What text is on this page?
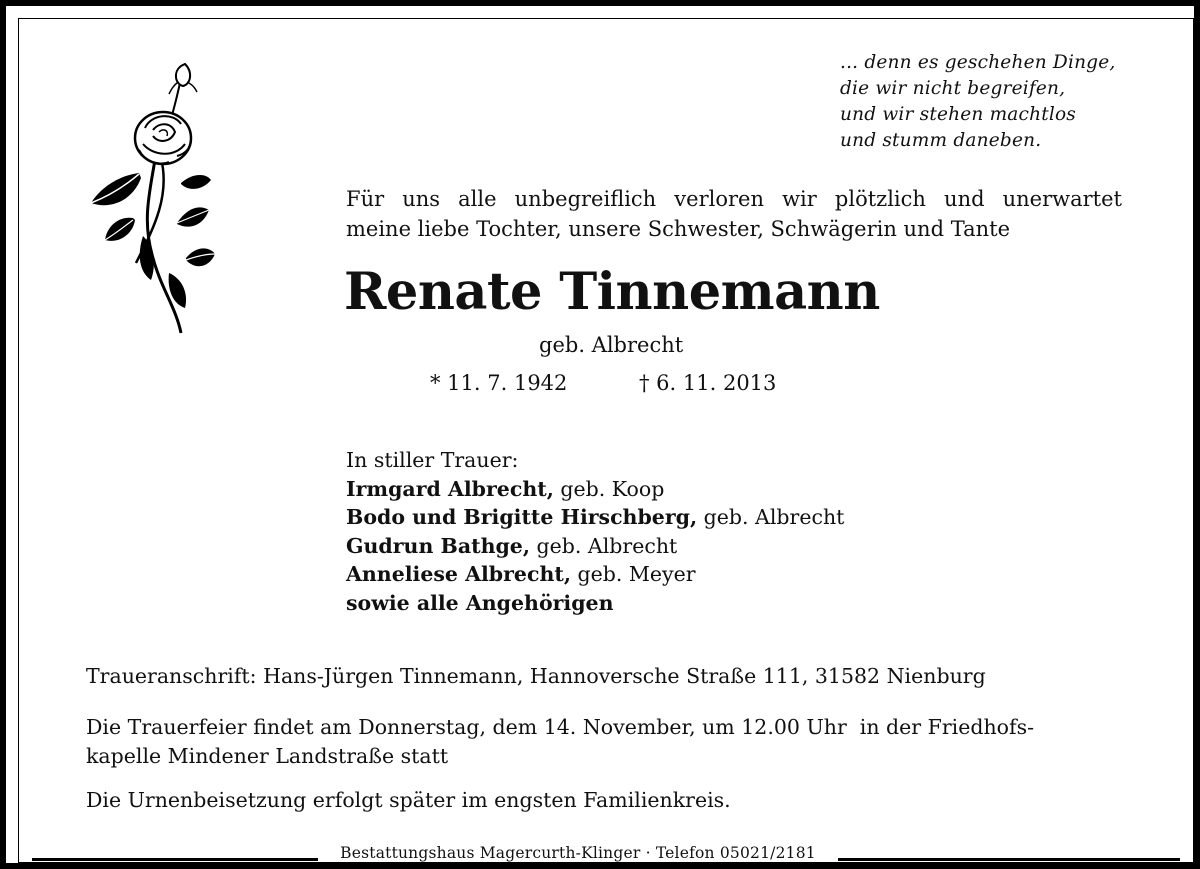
... denn es geschehen Dinge,
die wir nicht begreifen,
und wir stehen machtlos
und stumm daneben.
Für uns alle unbegreiflich verloren wir plötzlich und unerwartet
meine liebe Tochter, unsere Schwester, Schwägerin und Tante
Renate Tinnemann
geb. Albrecht
* 11. 7. 1942	† 6. 11. 2013
In stiller Trauer:
Irmgard Albrecht, geb. Koop
Bodo und Brigitte Hirschberg, geb. Albrecht
Gudrun Bathge, geb. Albrecht
Anneliese Albrecht, geb. Meyer
sowie alle Angehörigen
Traueranschrift: Hans-Jürgen Tinnemann, Hannoversche Straße 111, 31582 Nienburg
Die Trauerfeier findet am Donnerstag, dem 14. November, um 12.00 Uhr  in der Friedhofs-
kapelle Mindener Landstraße statt
Die Urnenbeisetzung erfolgt später im engsten Familienkreis.
Bestattungshaus Magercurth-Klinger · Telefon 05021/2181
